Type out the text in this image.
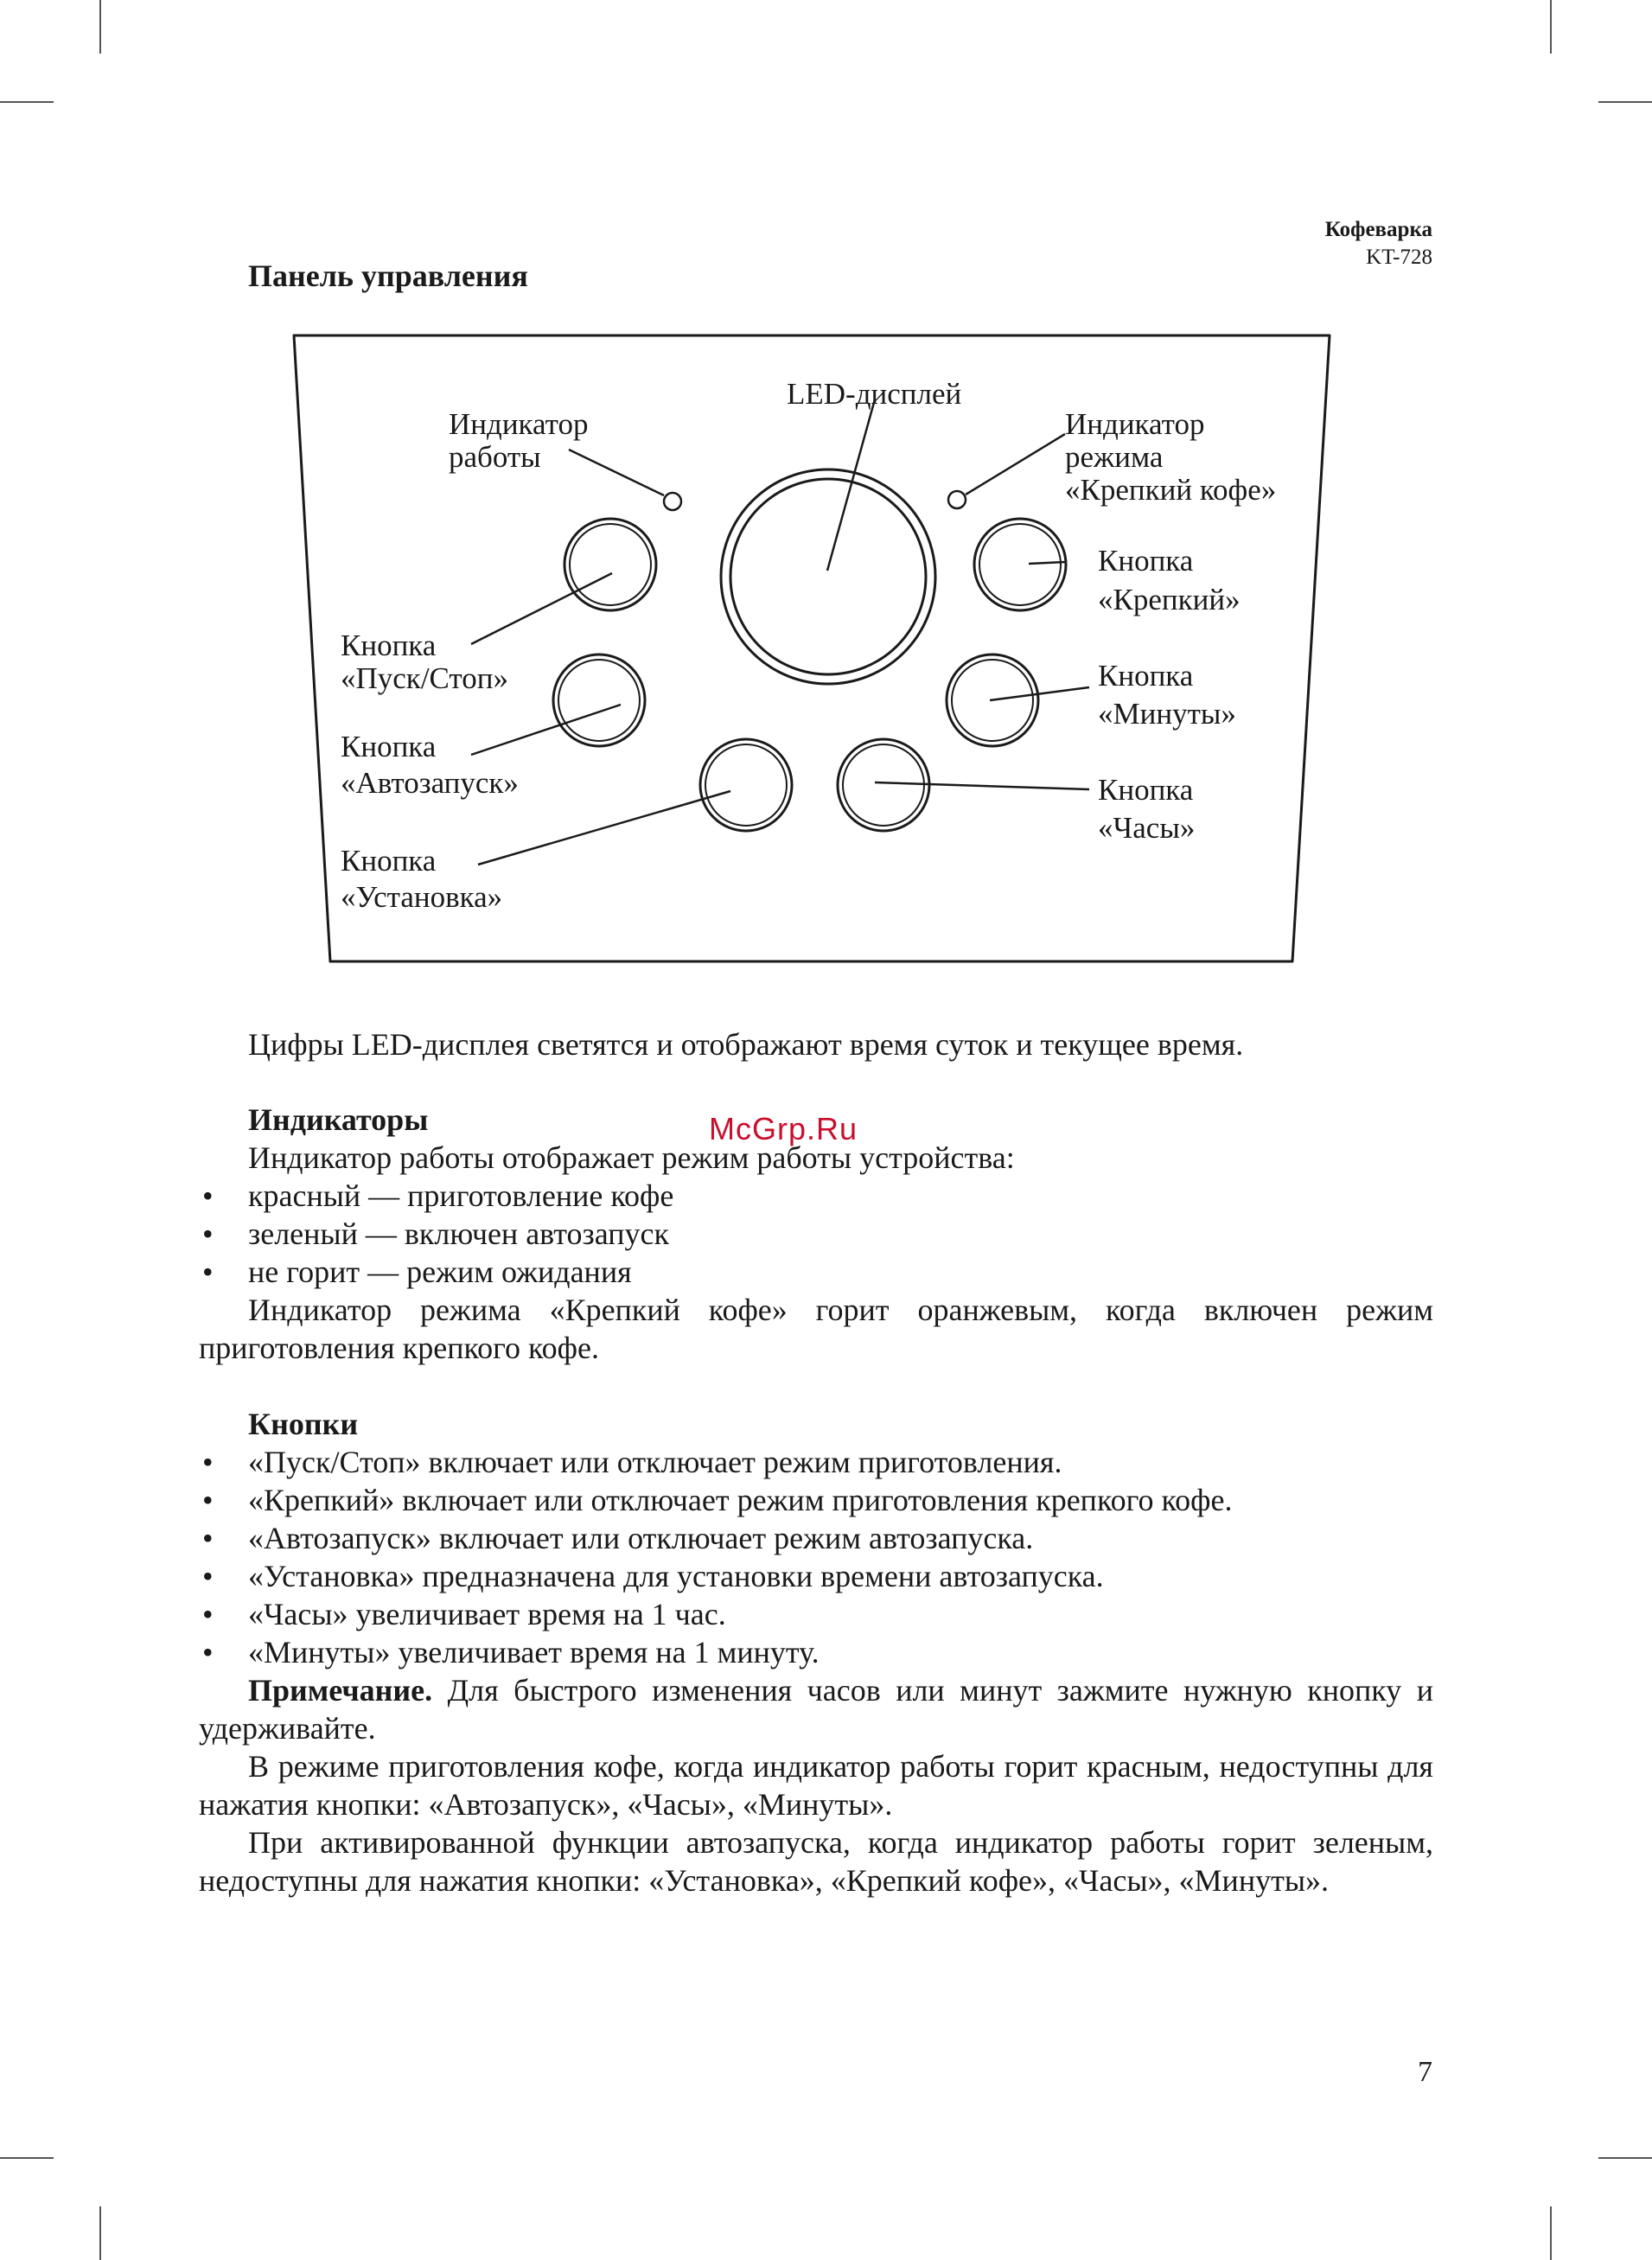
Кофеварка
KT-728
Панель управления
LED-дисплей
Индикатор работы
Индикатор режима «Крепкий кофе»
Кнопка «Пуск/Стоп»
Кнопка «Автозапуск»
Кнопка «Установка»
Кнопка «Крепкий»
Кнопка «Минуты»
Кнопка «Часы»
McGrp.Ru

Цифры LED-дисплея светятся и отображают время суток и текущее время.

Индикаторы

Индикатор работы отображает режим работы устройства:

• красный — приготовление кофе
• зеленый — включен автозапуск
• не горит — режим ожидания

Индикатор режима «Крепкий кофе» горит оранжевым, когда включен режим приготовления крепкого кофе.

Кнопки

• «Пуск/Стоп» включает или отключает режим приготовления.
• «Крепкий» включает или отключает режим приготовления крепкого кофе.
• «Автозапуск» включает или отключает режим автозапуска.
• «Установка» предназначена для установки времени автозапуска.
• «Часы» увеличивает время на 1 час.
• «Минуты» увеличивает время на 1 минуту.

Примечание. Для быстрого изменения часов или минут зажмите нужную кнопку и удерживайте.

В режиме приготовления кофе, когда индикатор работы горит красным, недоступны для нажатия кнопки: «Автозапуск», «Часы», «Минуты».

При активированной функции автозапуска, когда индикатор работы горит зеленым, недоступны для нажатия кнопки: «Установка», «Крепкий кофе», «Часы», «Минуты».

7
